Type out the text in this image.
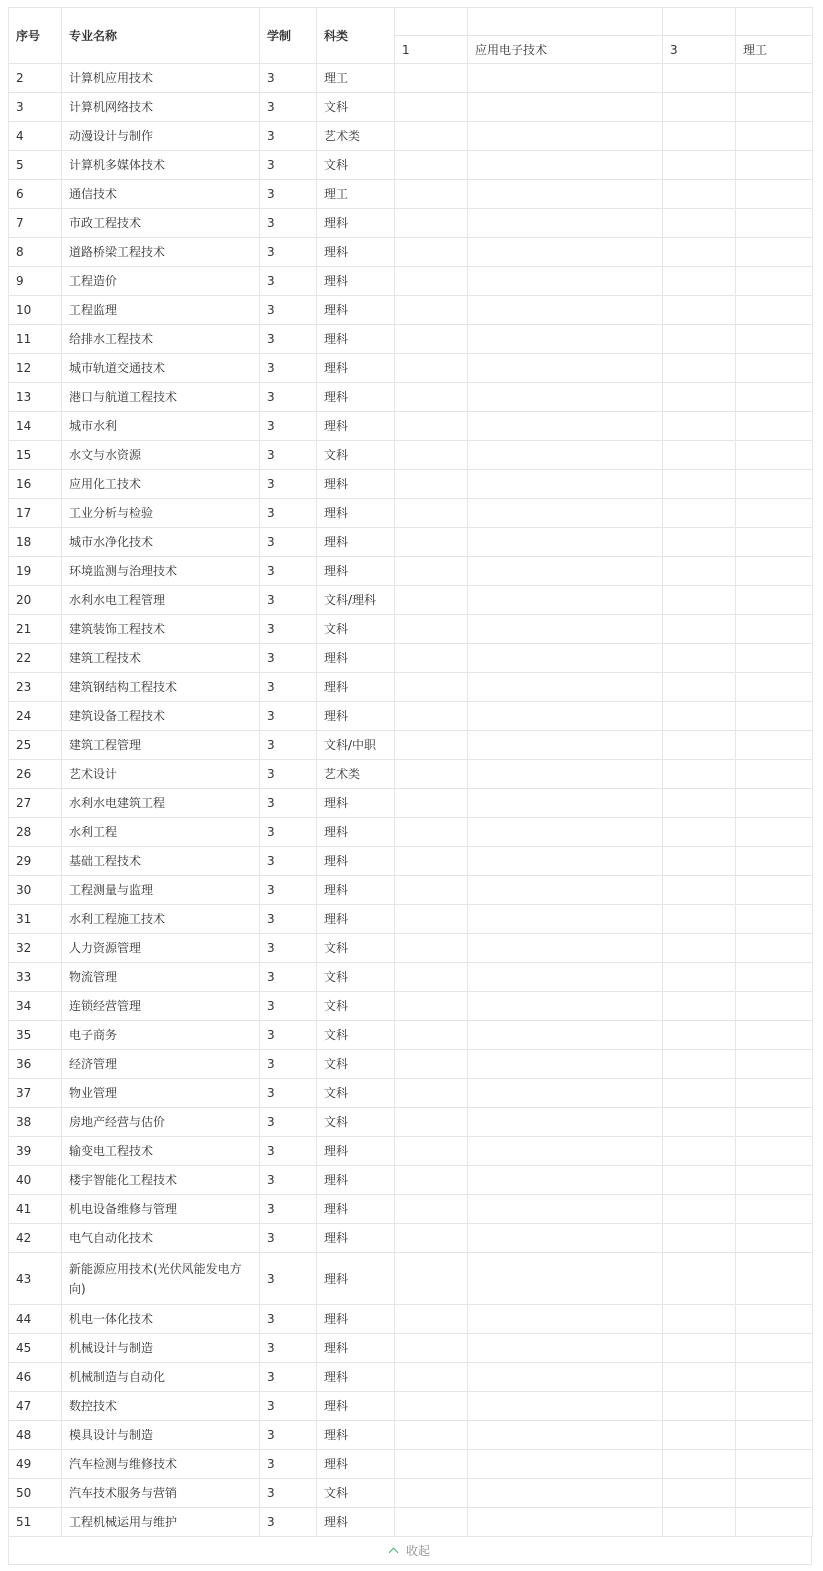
序号	专业名称	学制	科类				
				1	应用电子技术	3	理工
2	计算机应用技术	3	理工				
3	计算机网络技术	3	文科				
4	动漫设计与制作	3	艺术类				
5	计算机多媒体技术	3	文科				
6	通信技术	3	理工				
7	市政工程技术	3	理科				
8	道路桥梁工程技术	3	理科				
9	工程造价	3	理科				
10	工程监理	3	理科				
11	给排水工程技术	3	理科				
12	城市轨道交通技术	3	理科				
13	港口与航道工程技术	3	理科				
14	城市水利	3	理科				
15	水文与水资源	3	文科				
16	应用化工技术	3	理科				
17	工业分析与检验	3	理科				
18	城市水净化技术	3	理科				
19	环境监测与治理技术	3	理科				
20	水利水电工程管理	3	文科/理科				
21	建筑装饰工程技术	3	文科				
22	建筑工程技术	3	理科				
23	建筑钢结构工程技术	3	理科				
24	建筑设备工程技术	3	理科				
25	建筑工程管理	3	文科/中职				
26	艺术设计	3	艺术类				
27	水利水电建筑工程	3	理科				
28	水利工程	3	理科				
29	基础工程技术	3	理科				
30	工程测量与监理	3	理科				
31	水利工程施工技术	3	理科				
32	人力资源管理	3	文科				
33	物流管理	3	文科				
34	连锁经营管理	3	文科				
35	电子商务	3	文科				
36	经济管理	3	文科				
37	物业管理	3	文科				
38	房地产经营与估价	3	文科				
39	输变电工程技术	3	理科				
40	楼宇智能化工程技术	3	理科				
41	机电设备维修与管理	3	理科				
42	电气自动化技术	3	理科				
43	新能源应用技术(光伏风能发电方向)	3	理科				
44	机电一体化技术	3	理科				
45	机械设计与制造	3	理科				
46	机械制造与自动化	3	理科				
47	数控技术	3	理科				
48	模具设计与制造	3	理科				
49	汽车检测与维修技术	3	理科				
50	汽车技术服务与营销	3	文科				
51	工程机械运用与维护	3	理科				
收起
